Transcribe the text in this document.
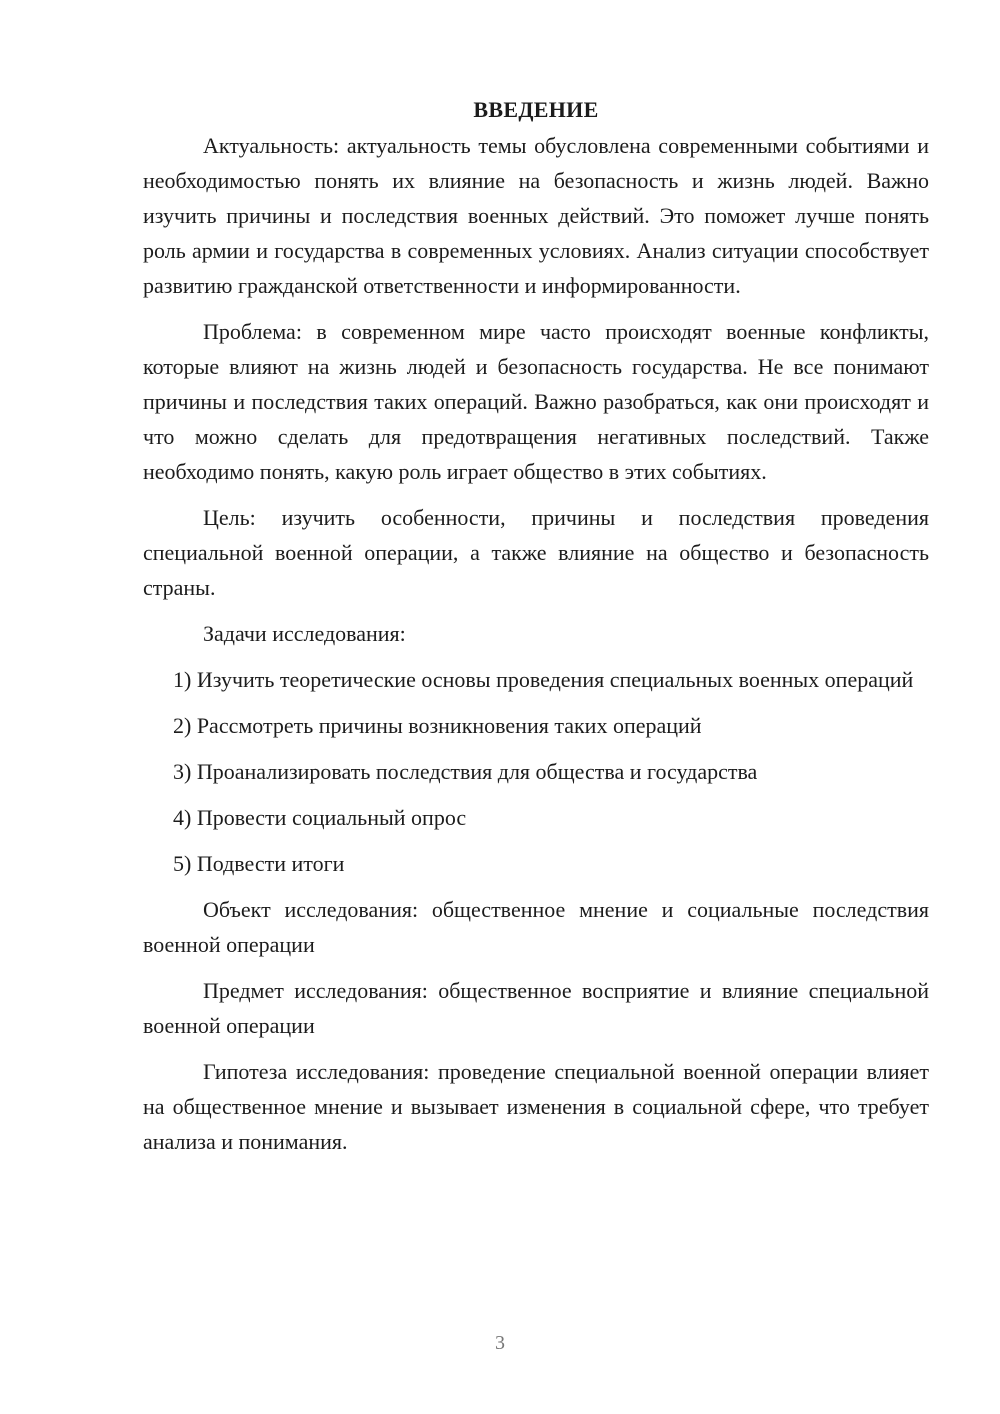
ВВЕДЕНИЕ

Актуальность: актуальность темы обусловлена современными событиями и необходимостью понять их влияние на безопасность и жизнь людей. Важно изучить причины и последствия военных действий. Это поможет лучше понять роль армии и государства в современных условиях. Анализ ситуации способствует развитию гражданской ответственности и информированности.

Проблема: в современном мире часто происходят военные конфликты, которые влияют на жизнь людей и безопасность государства. Не все понимают причины и последствия таких операций. Важно разобраться, как они происходят и что можно сделать для предотвращения негативных последствий. Также необходимо понять, какую роль играет общество в этих событиях.

Цель: изучить особенности, причины и последствия проведения специальной военной операции, а также влияние на общество и безопасность страны.

Задачи исследования:

1) Изучить теоретические основы проведения специальных военных операций

2) Рассмотреть причины возникновения таких операций

3) Проанализировать последствия для общества и государства

4) Провести социальный опрос

5) Подвести итоги

Объект исследования: общественное мнение и социальные последствия военной операции

Предмет исследования: общественное восприятие и влияние специальной военной операции

Гипотеза исследования: проведение специальной военной операции влияет на общественное мнение и вызывает изменения в социальной сфере, что требует анализа и понимания.

3
